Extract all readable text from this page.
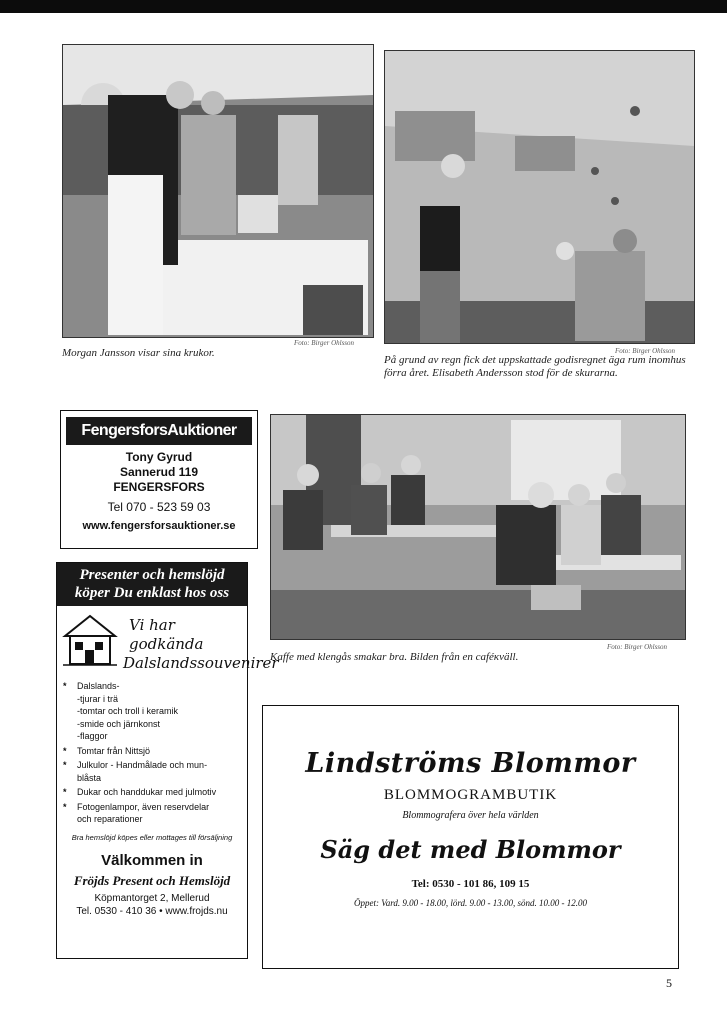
Morgan Jansson visar sina krukor.
Foto: Birger Ohlsson
På grund av regn fick det uppskattade godisregnet äga rum inomhus förra året. Elisabeth Andersson stod för de skurarna.
Foto: Birger Ohlsson
FengersforsAuktioner
Tony Gyrud
Sannerud 119
FENGERSFORS
Tel 070 - 523 59 03
www.fengersforsauktioner.se
Kaffe med klengås smakar bra. Bilden från en caféкväll.
Foto: Birger Ohlsson
Presenter och hemslöjd
köper Du enklast hos oss
Vi har godkända
Dalslandssouvenirer
*	Dalslands-
-tjurar i trä
-tomtar och troll i keramik
-smide och järnkonst
-flaggor
*	Tomtar från Nittsjö
*	Julkulor - Handmålade och mun-
blåsta
*	Dukar och handdukar med julmotiv
*	Fotogenlampor, även reservdelar
och reparationer
Bra hemslöjd köpes eller mottages till försäljning
Välkommen in
Fröjds Present och Hemslöjd
Köpmantorget 2, Mellerud
Tel. 0530 - 410 36 • www.frojds.nu
Lindströms Blommor
BLOMMOGRAMBUTIK
Blommografera över hela världen
Säg det med Blommor
Tel: 0530 - 101 86, 109 15
Öppet: Vard. 9.00 - 18.00, lörd. 9.00 - 13.00, sönd. 10.00 - 12.00
5
